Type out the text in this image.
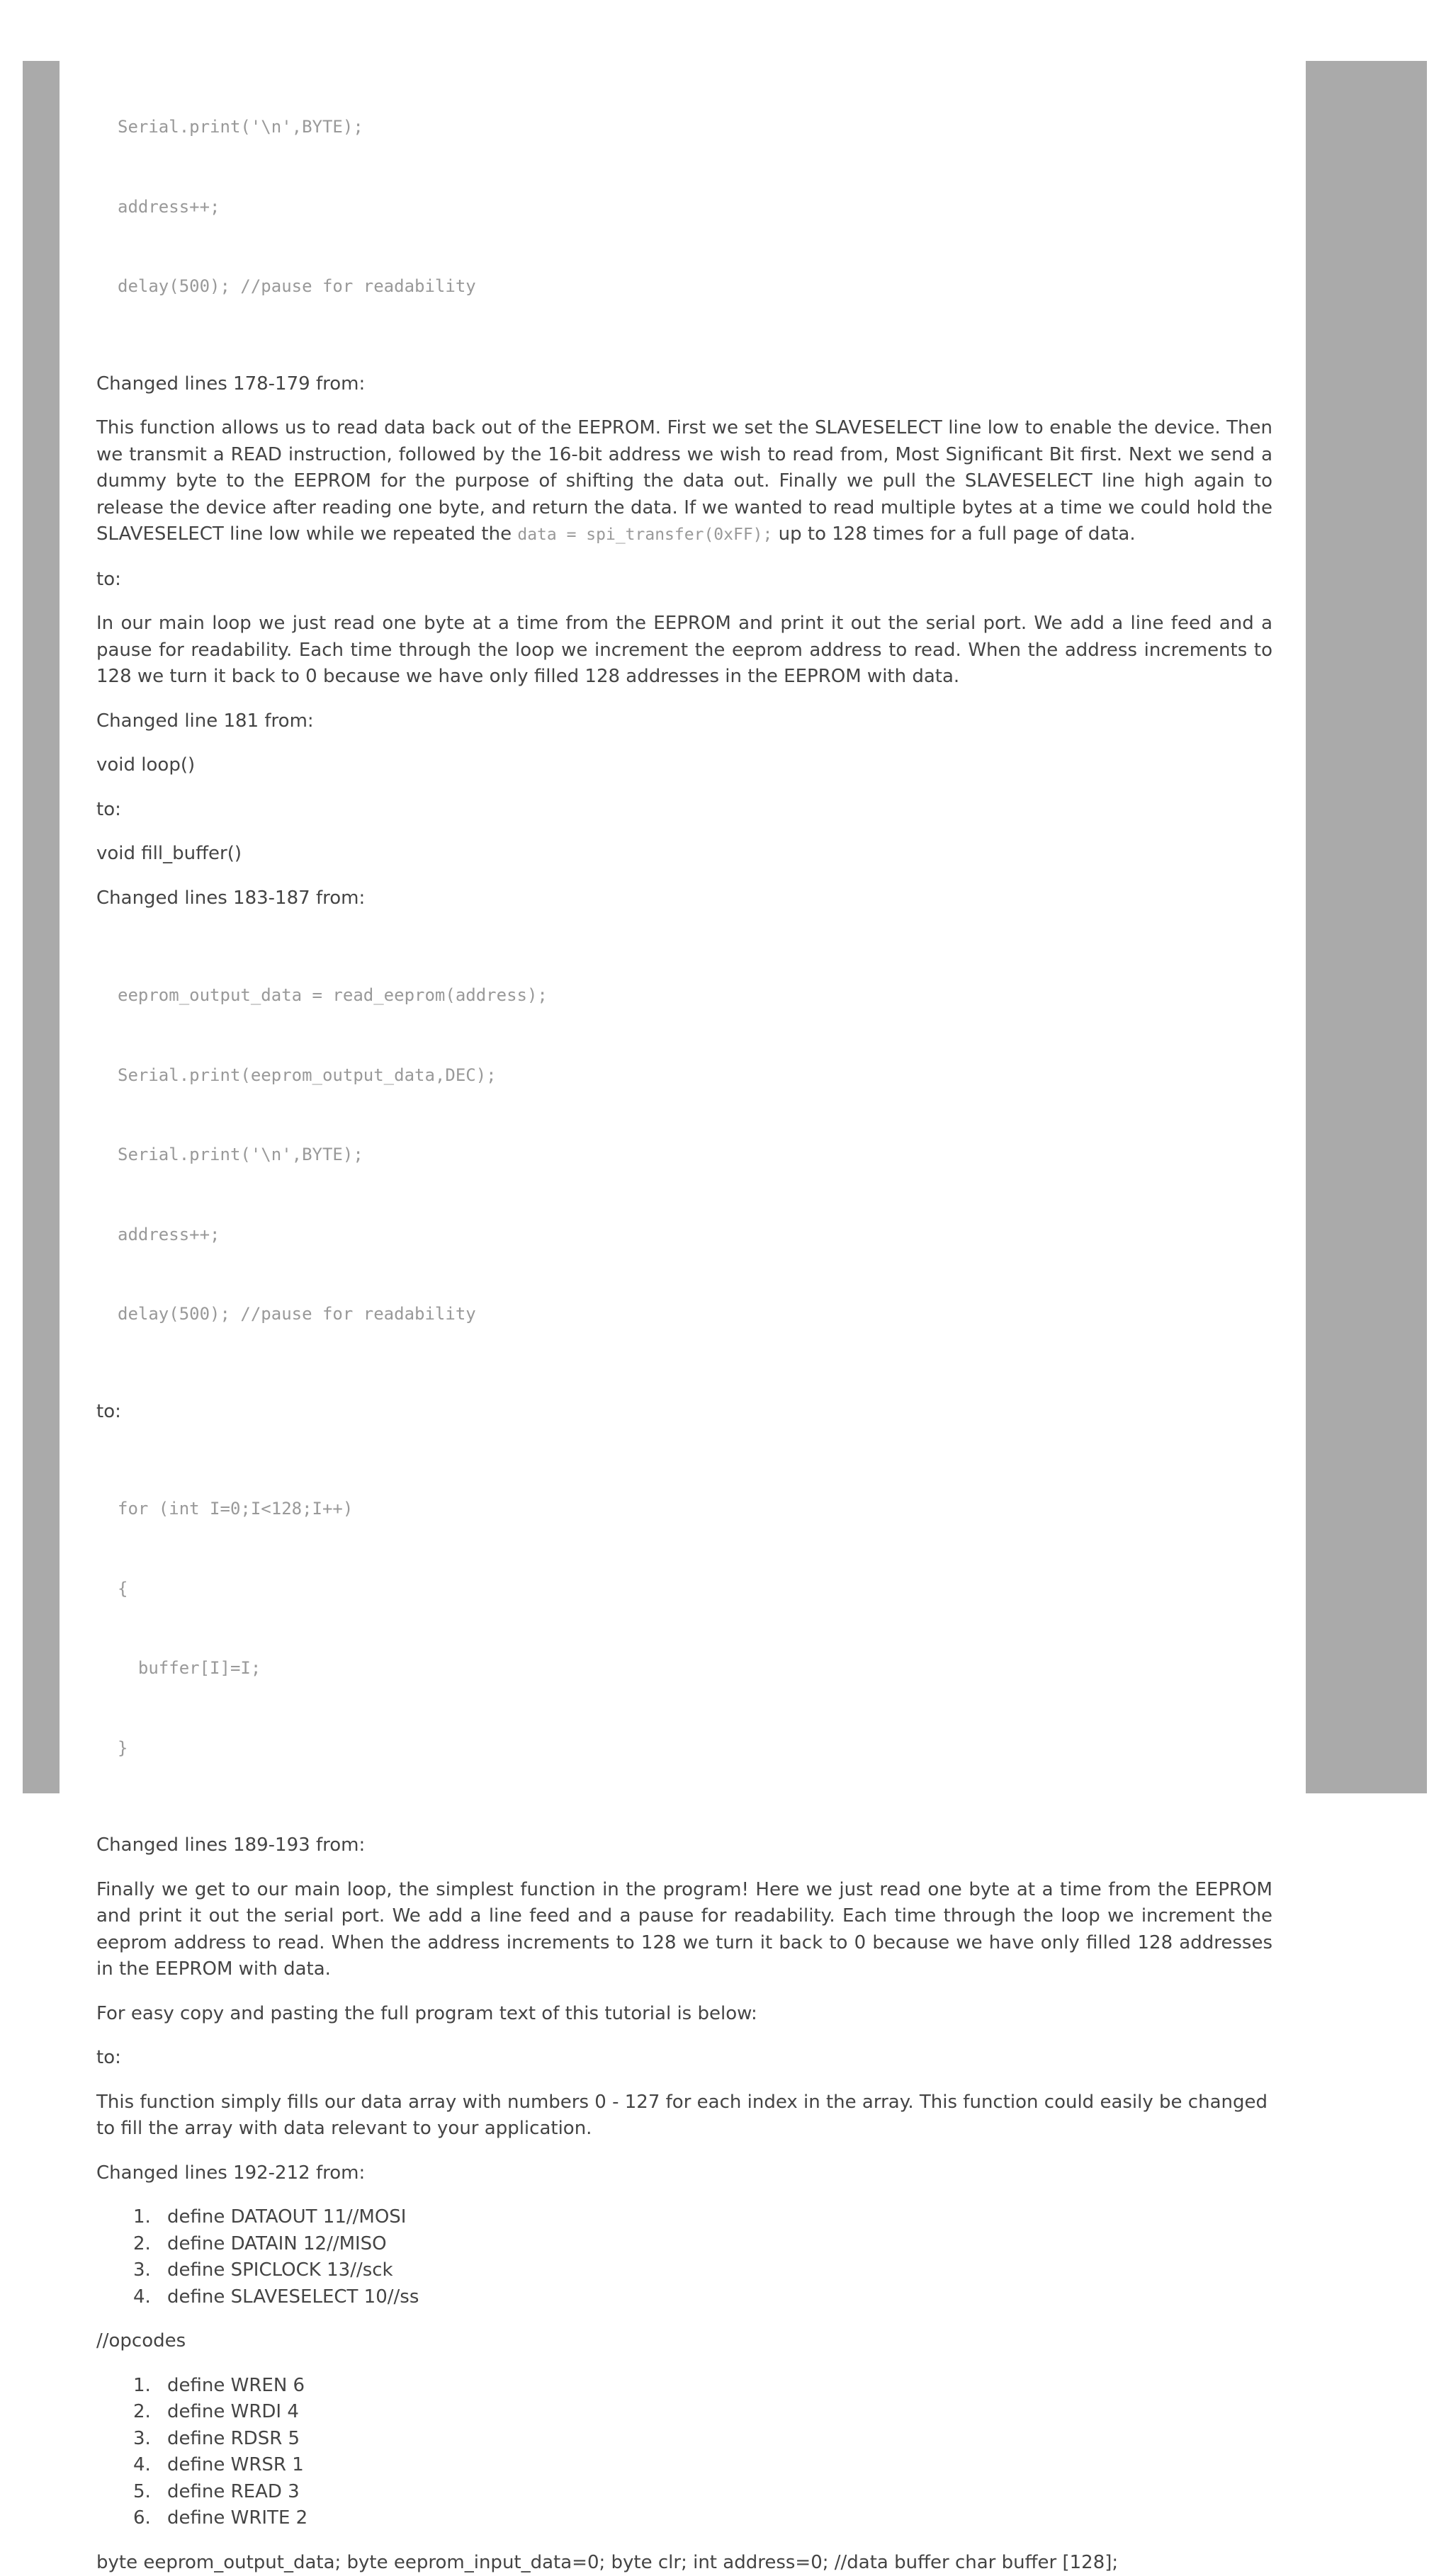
Serial.print('\n',BYTE);

address++;

delay(500); //pause for readability

Changed lines 178-179 from:

This function allows us to read data back out of the EEPROM. First we set the SLAVESELECT line low to enable the device. Then we transmit a READ instruction, followed by the 16-bit address we wish to read from, Most Significant Bit first. Next we send a dummy byte to the EEPROM for the purpose of shifting the data out. Finally we pull the SLAVESELECT line high again to release the device after reading one byte, and return the data. If we wanted to read multiple bytes at a time we could hold the SLAVESELECT line low while we repeated the data = spi_transfer(0xFF); up to 128 times for a full page of data.

to:

In our main loop we just read one byte at a time from the EEPROM and print it out the serial port. We add a line feed and a pause for readability. Each time through the loop we increment the eeprom address to read. When the address increments to 128 we turn it back to 0 because we have only filled 128 addresses in the EEPROM with data.

Changed line 181 from:

void loop()

to:

void fill_buffer()

Changed lines 183-187 from:

eeprom_output_data = read_eeprom(address);

Serial.print(eeprom_output_data,DEC);

Serial.print('\n',BYTE);

address++;

delay(500); //pause for readability

to:

for (int I=0;I<128;I++)

{

buffer[I]=I;

}

Changed lines 189-193 from:

Finally we get to our main loop, the simplest function in the program! Here we just read one byte at a time from the EEPROM and print it out the serial port. We add a line feed and a pause for readability. Each time through the loop we increment the eeprom address to read. When the address increments to 128 we turn it back to 0 because we have only filled 128 addresses in the EEPROM with data.

For easy copy and pasting the full program text of this tutorial is below:

to:

This function simply fills our data array with numbers 0 - 127 for each index in the array. This function could easily be changed to fill the array with data relevant to your application.

Changed lines 192-212 from:

1. define DATAOUT 11//MOSI
2. define DATAIN 12//MISO
3. define SPICLOCK 13//sck
4. define SLAVESELECT 10//ss

//opcodes

1. define WREN 6
2. define WRDI 4
3. define RDSR 5
4. define WRSR 1
5. define READ 3
6. define WRITE 2

byte eeprom_output_data; byte eeprom_input_data=0; byte clr; int address=0; //data buffer char buffer [128];
